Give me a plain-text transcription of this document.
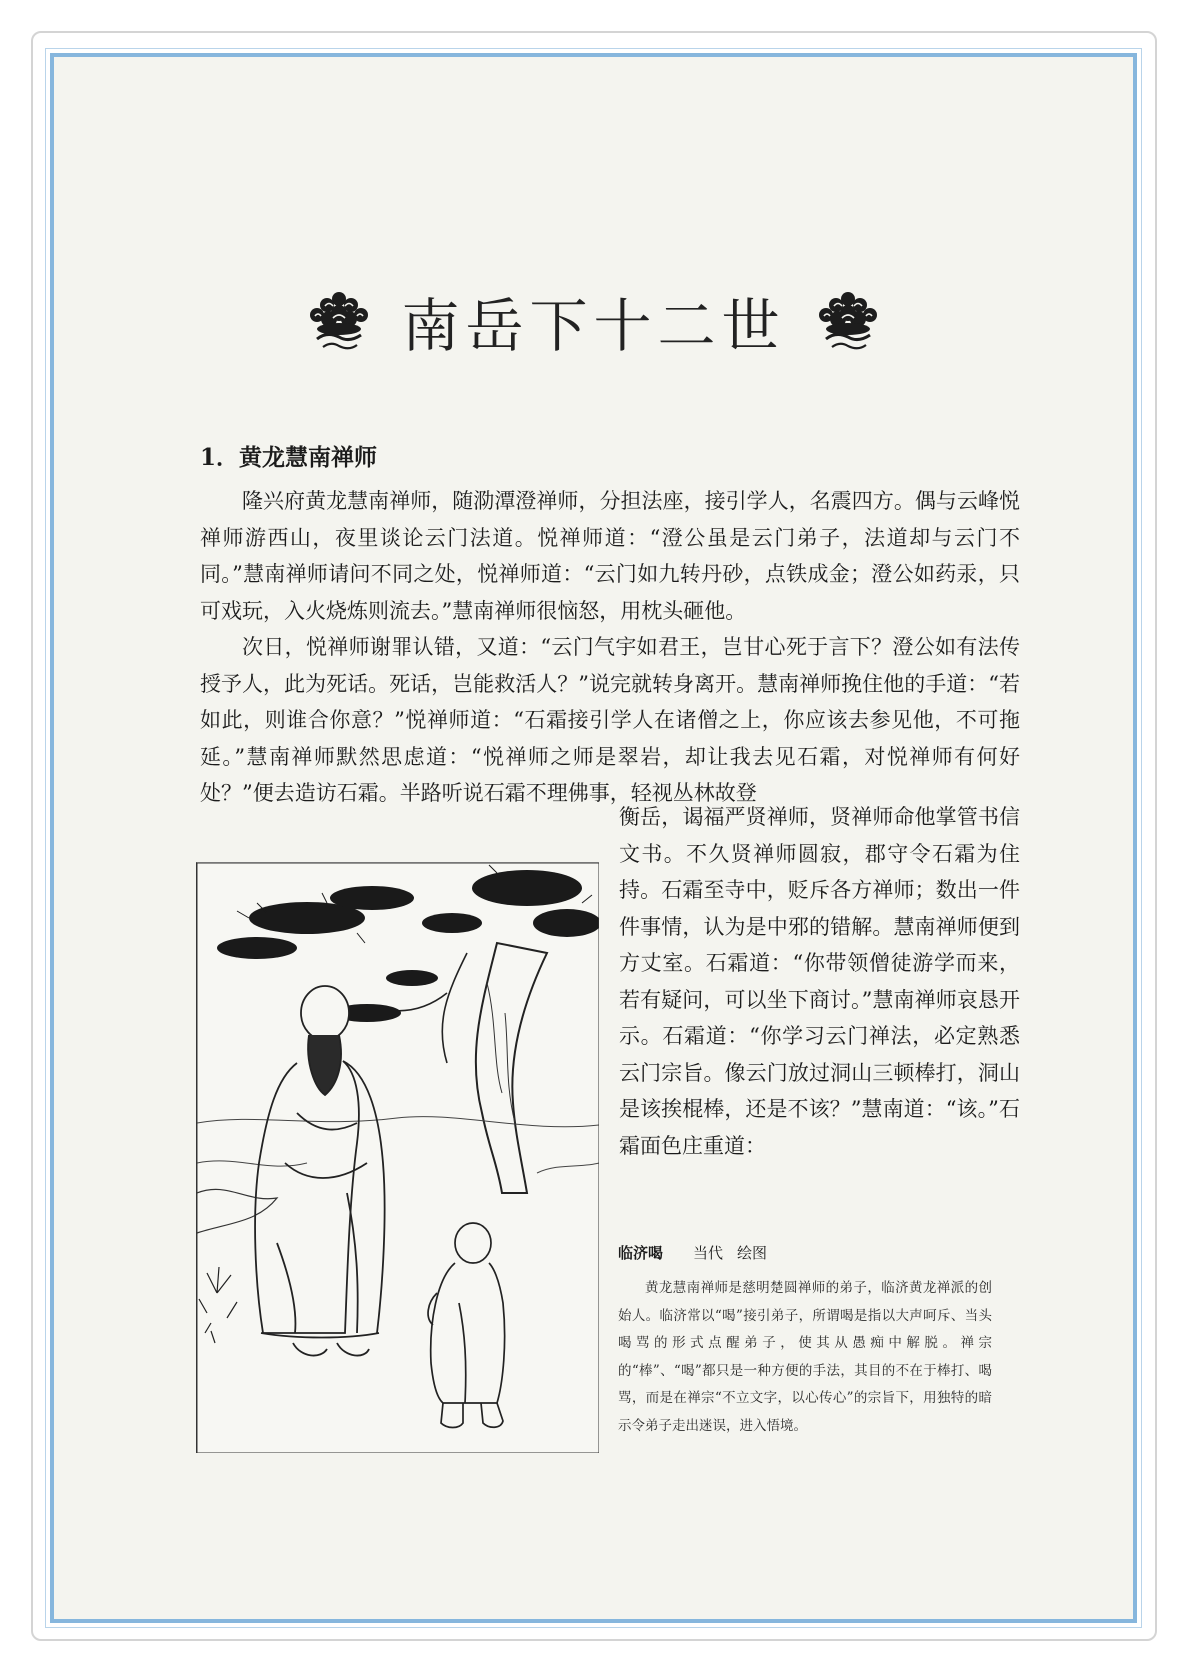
南岳下十二世
1．黄龙慧南禅师

隆兴府黄龙慧南禅师，随泐潭澄禅师，分担法座，接引学人，名震四方。偶与云峰悦禅师游西山，夜里谈论云门法道。悦禅师道：“澄公虽是云门弟子，法道却与云门不同。”慧南禅师请问不同之处，悦禅师道：“云门如九转丹砂，点铁成金；澄公如药汞，只可戏玩，入火烧炼则流去。”慧南禅师很恼怒，用枕头砸他。

次日，悦禅师谢罪认错，又道：“云门气宇如君王，岂甘心死于言下？澄公如有法传授予人，此为死话。死话，岂能救活人？”说完就转身离开。慧南禅师挽住他的手道：“若如此，则谁合你意？”悦禅师道：“石霜接引学人在诸僧之上，你应该去参见他，不可拖延。”慧南禅师默然思虑道：“悦禅师之师是翠岩，却让我去见石霜，对悦禅师有何好处？”便去造访石霜。半路听说石霜不理佛事，轻视丛林故登

衡岳，谒福严贤禅师，贤禅师命他掌管书信文书。不久贤禅师圆寂，郡守令石霜为住持。石霜至寺中，贬斥各方禅师；数出一件件事情，认为是中邪的错解。慧南禅师便到方丈室。石霜道：“你带领僧徒游学而来，若有疑问，可以坐下商讨。”慧南禅师哀恳开示。石霜道：“你学习云门禅法，必定熟悉云门宗旨。像云门放过洞山三顿棒打，洞山是该挨棍棒，还是不该？”慧南道：“该。”石霜面色庄重道：
临济喝 当代 绘图

黄龙慧南禅师是慈明楚圆禅师的弟子，临济黄龙禅派的创始人。临济常以“喝”接引弟子，所谓喝是指以大声呵斥、当头喝骂的形式点醒弟子，使其从愚痴中解脱。禅宗的“棒”、“喝”都只是一种方便的手法，其目的不在于棒打、喝骂，而是在禅宗“不立文字，以心传心”的宗旨下，用独特的暗示令弟子走出迷误，进入悟境。
